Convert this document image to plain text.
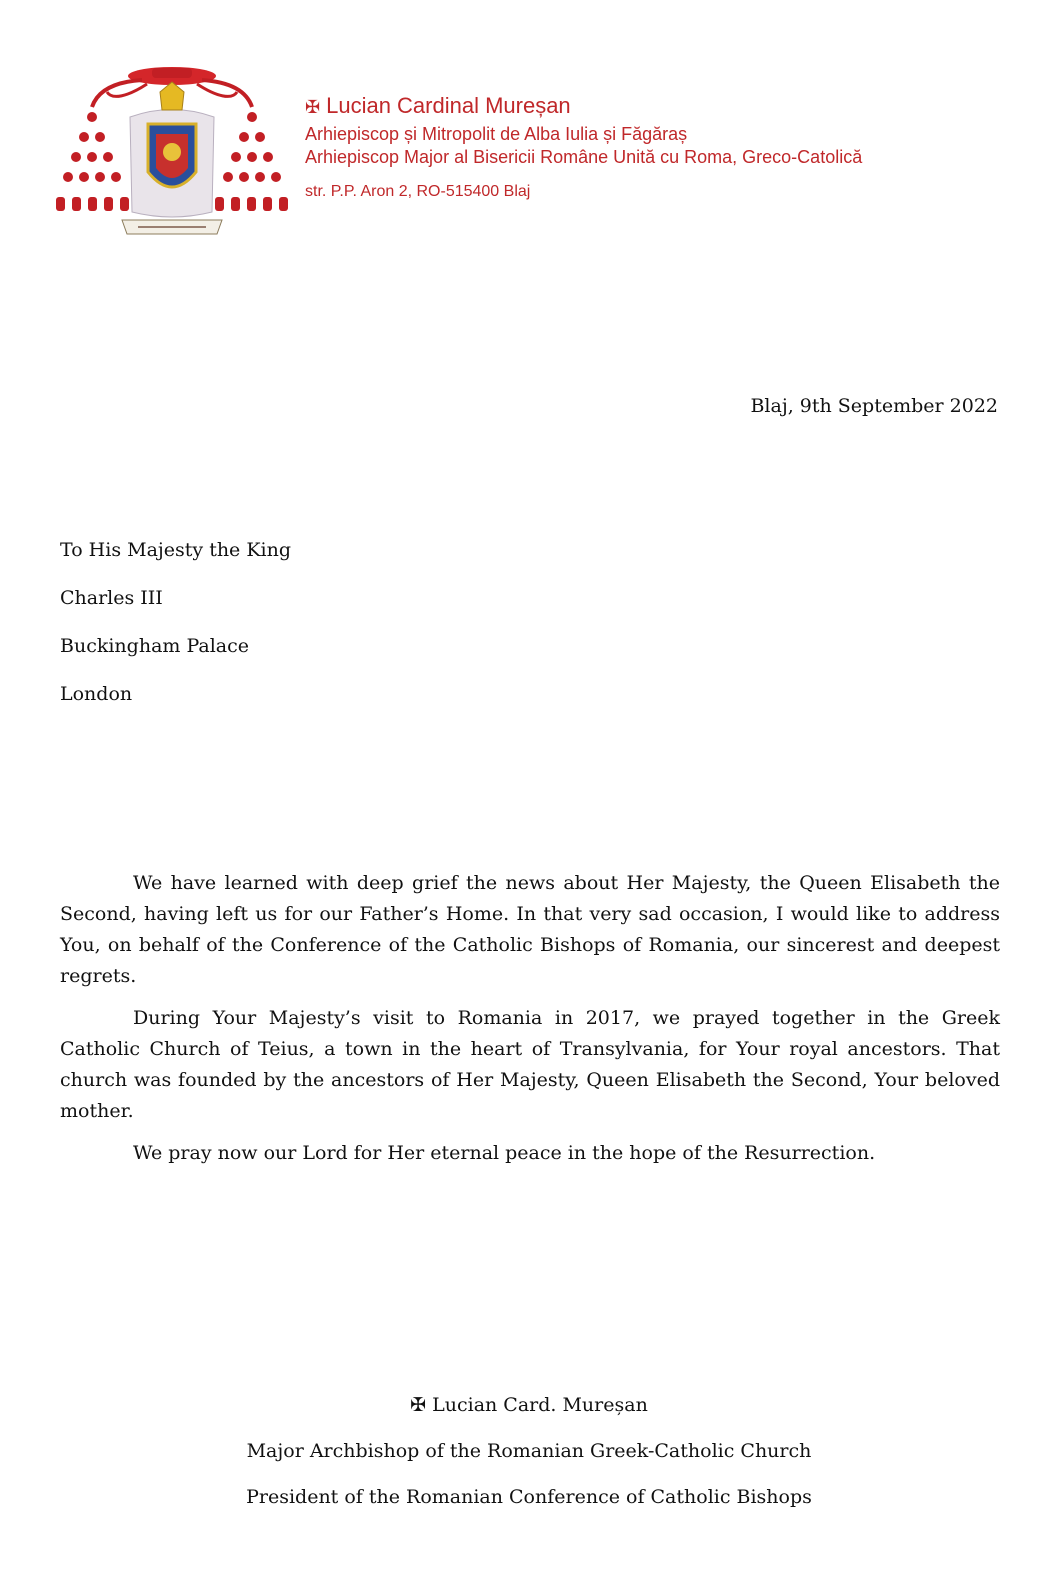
✠ Lucian Cardinal Mureșan
Arhiepiscop și Mitropolit de Alba Iulia și Făgăraș
Arhiepiscop Major al Bisericii Române Unită cu Roma, Greco-Catolică
str. P.P. Aron 2, RO-515400 Blaj
Blaj, 9th September 2022
To His Majesty the King
Charles III
Buckingham Palace
London

We have learned with deep grief the news about Her Majesty, the Queen Elisabeth the Second, having left us for our Father’s Home. In that very sad occasion, I would like to address You, on behalf of the Conference of the Catholic Bishops of Romania, our sincerest and deepest regrets.

During Your Majesty’s visit to Romania in 2017, we prayed together in the Greek Catholic Church of Teius, a town in the heart of Transylvania, for Your royal ancestors. That church was founded by the ancestors of Her Majesty, Queen Elisabeth the Second, Your beloved mother.

We pray now our Lord for Her eternal peace in the hope of the Resurrection.

✠ Lucian Card. Mureșan
Major Archbishop of the Romanian Greek-Catholic Church
President of the Romanian Conference of Catholic Bishops
